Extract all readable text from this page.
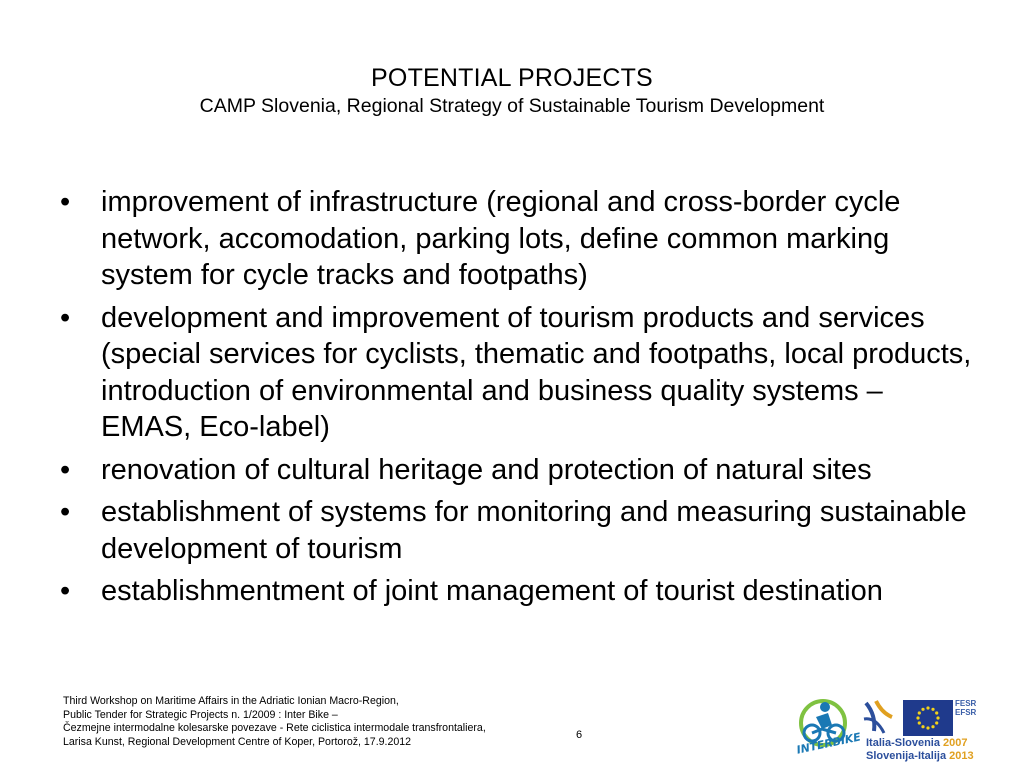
POTENTIAL PROJECTS
CAMP Slovenia, Regional Strategy of Sustainable Tourism Development
• improvement of infrastructure (regional and cross-border cycle network, accomodation, parking lots, define common marking system for cycle tracks and footpaths)
• development and improvement of tourism products and services (special services for cyclists, thematic and footpaths, local products, introduction of environmental and business quality systems – EMAS, Eco-label)
• renovation of cultural heritage and protection of natural sites
• establishment of systems for monitoring and measuring sustainable development of tourism
• establishmentment of joint management of tourist destination
Third Workshop on Maritime Affairs in the Adriatic Ionian Macro-Region,
Public Tender for Strategic Projects n. 1/2009 : Inter Bike –
Čezmejne intermodalne kolesarske povezave - Rete ciclistica intermodale transfrontaliera,
Larisa Kunst, Regional Development Centre of Koper, Portorož, 17.9.2012
6	INTERBIKE
FESR
EFSR
Italia-Slovenia 2007
Slovenija-Italija 2013
